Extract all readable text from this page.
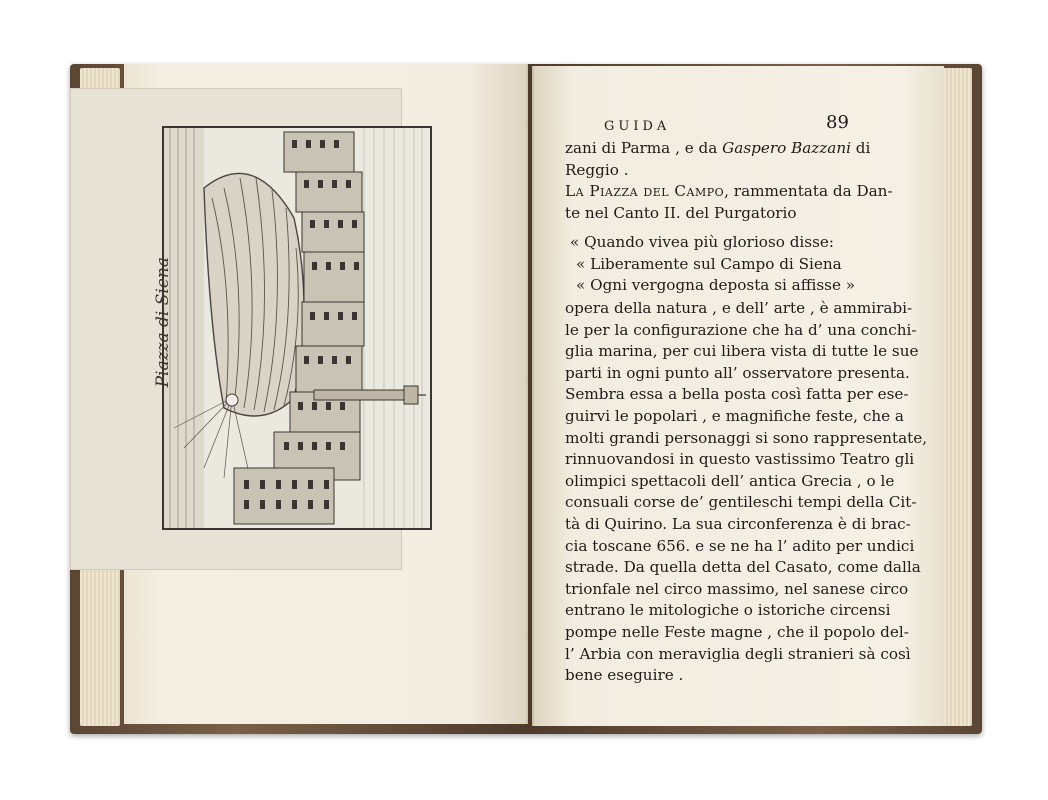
Piazza di Siena
GUIDA	89
zani di Parma , e da Gaspero Bazzani di
Reggio .
La Piazza del Campo, rammentata da Dan-
te nel Canto II. del Purgatorio
« Quando vivea più glorioso disse:
« Liberamente sul Campo di Siena
« Ogni vergogna deposta si affisse »
opera della natura , e dell’ arte , è ammirabi-
le per la configurazione che ha d’ una conchi-
glia marina, per cui libera vista di tutte le sue
parti in ogni punto all’ osservatore presenta.
Sembra essa a bella posta così fatta per ese-
guirvi le popolari , e magnifiche feste, che a
molti grandi personaggi si sono rappresentate,
rinnuovandosi in questo vastissimo Teatro gli
olimpici spettacoli dell’ antica Grecia , o le
consuali corse de’ gentileschi tempi della Cit-
tà di Quirino. La sua circonferenza è di brac-
cia toscane 656. e se ne ha l’ adito per undici
strade. Da quella detta del Casato, come dalla
trionfale nel circo massimo, nel sanese circo
entrano le mitologiche o istoriche circensi
pompe nelle Feste magne , che il popolo del-
l’ Arbia con meraviglia degli stranieri sà così
bene eseguire .
